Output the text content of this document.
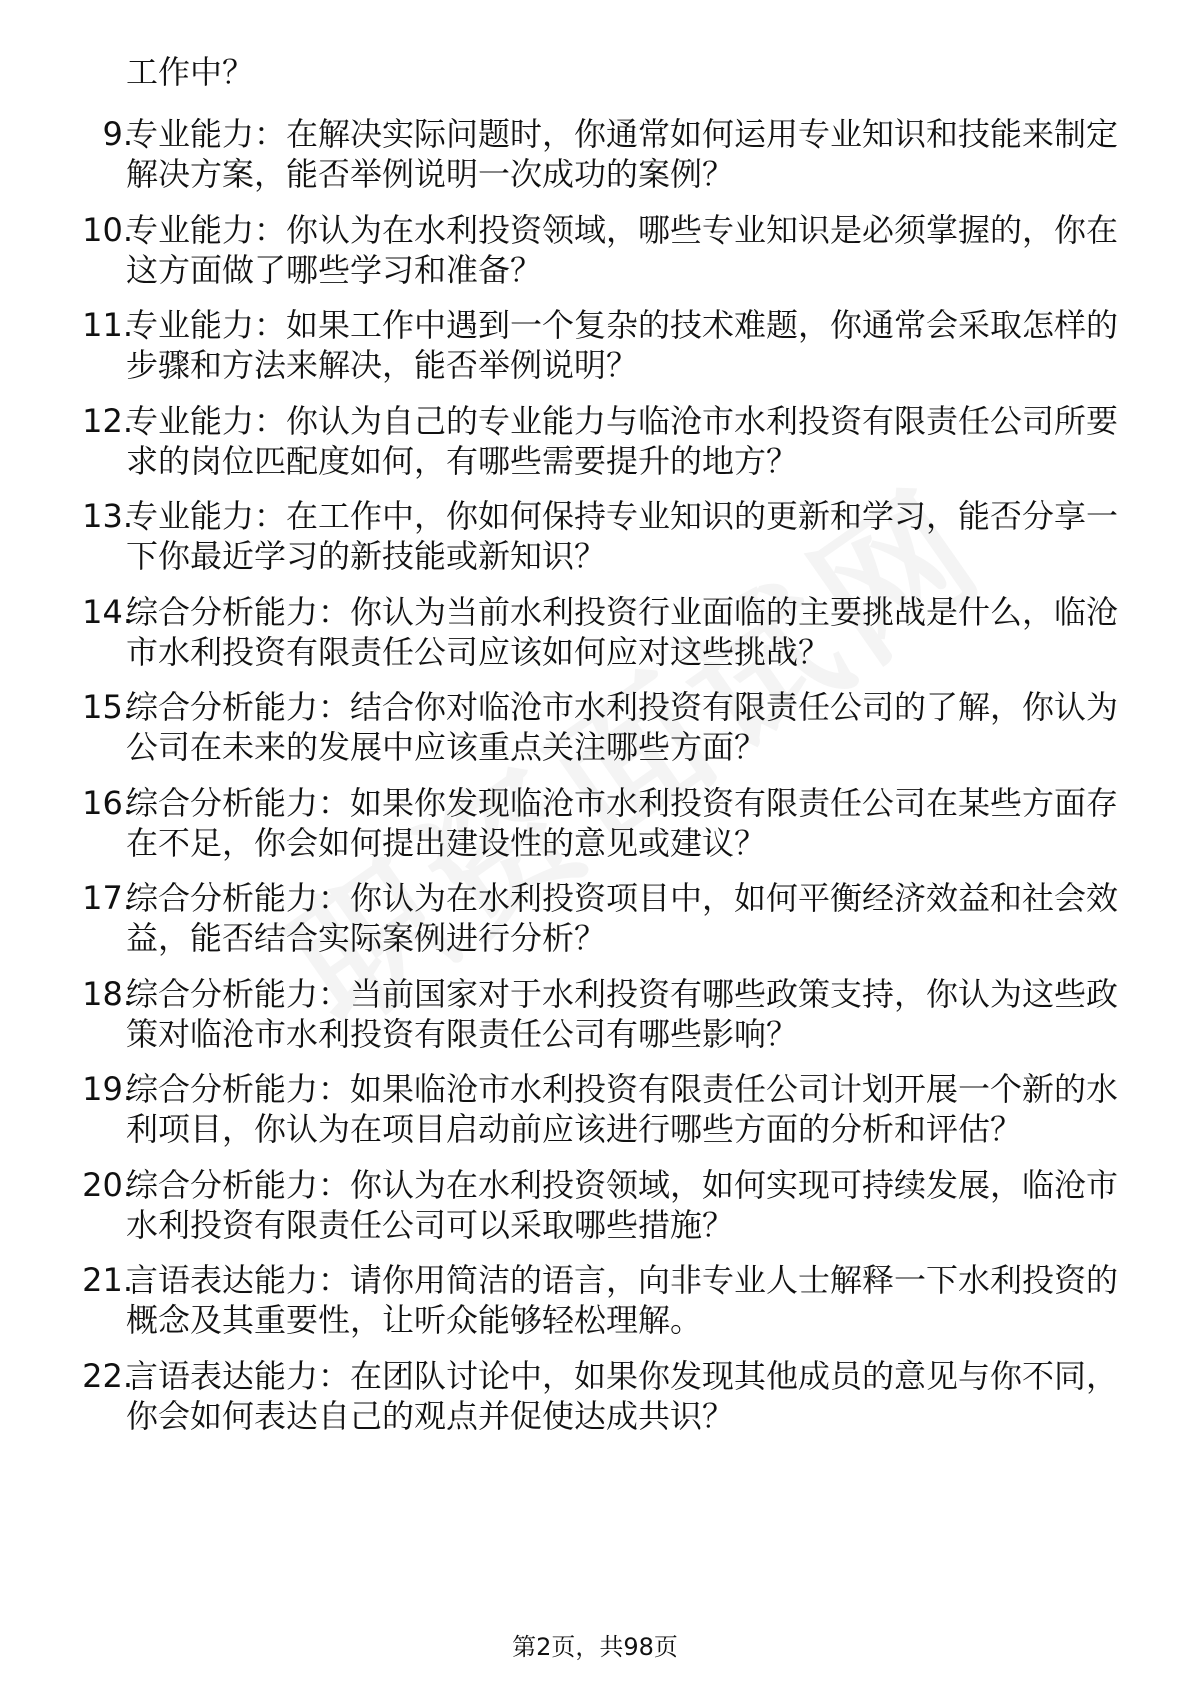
工作中？
9.
专业能力：在解决实际问题时，你通常如何运用专业知识和技能来制定解决方案，能否举例说明一次成功的案例？
10.
专业能力：你认为在水利投资领域，哪些专业知识是必须掌握的，你在这方面做了哪些学习和准备？
11.
专业能力：如果工作中遇到一个复杂的技术难题，你通常会采取怎样的步骤和方法来解决，能否举例说明？
12.
专业能力：你认为自己的专业能力与临沧市水利投资有限责任公司所要求的岗位匹配度如何，有哪些需要提升的地方？
13.
专业能力：在工作中，你如何保持专业知识的更新和学习，能否分享一下你最近学习的新技能或新知识？
14.
综合分析能力：你认为当前水利投资行业面临的主要挑战是什么，临沧市水利投资有限责任公司应该如何应对这些挑战？
15.
综合分析能力：结合你对临沧市水利投资有限责任公司的了解，你认为公司在未来的发展中应该重点关注哪些方面？
16.
综合分析能力：如果你发现临沧市水利投资有限责任公司在某些方面存在不足，你会如何提出建设性的意见或建议？
17.
综合分析能力：你认为在水利投资项目中，如何平衡经济效益和社会效益，能否结合实际案例进行分析？
18.
综合分析能力：当前国家对于水利投资有哪些政策支持，你认为这些政策对临沧市水利投资有限责任公司有哪些影响？
19.
综合分析能力：如果临沧市水利投资有限责任公司计划开展一个新的水利项目，你认为在项目启动前应该进行哪些方面的分析和评估？
20.
综合分析能力：你认为在水利投资领域，如何实现可持续发展，临沧市水利投资有限责任公司可以采取哪些措施？
21.
言语表达能力：请你用简洁的语言，向非专业人士解释一下水利投资的概念及其重要性，让听众能够轻松理解。
22.
言语表达能力：在团队讨论中，如果你发现其他成员的意见与你不同，你会如何表达自己的观点并促使达成共识？
第2页，共98页
